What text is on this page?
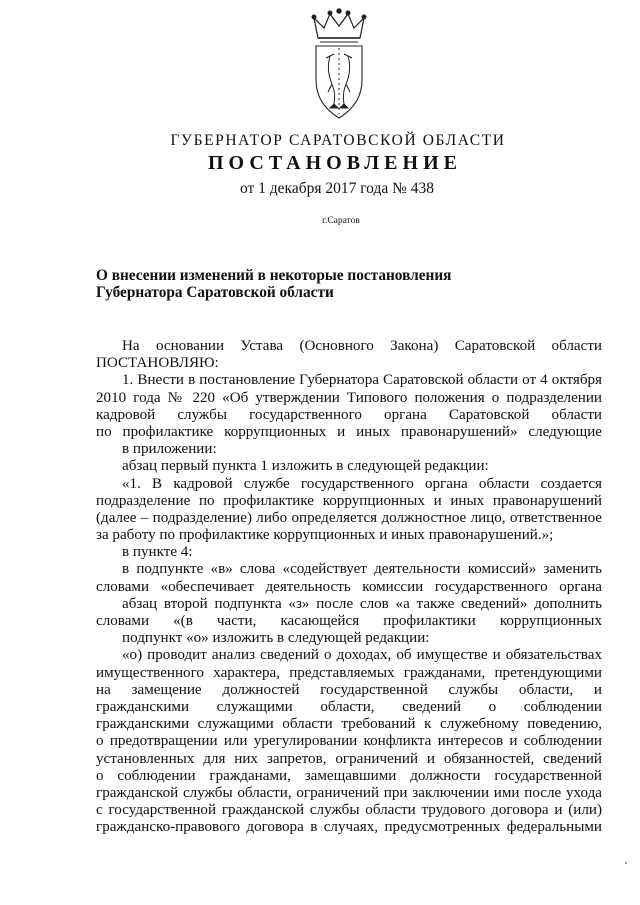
ГУБЕРНАТОР САРАТОВСКОЙ ОБЛАСТИ
ПОСТАНОВЛЕНИЕ
от 1 декабря 2017 года № 438
г.Саратов
О внесении изменений в некоторые постановления
Губернатора Саратовской области
На основании Устава (Основного Закона) Саратовской области
ПОСТАНОВЛЯЮ:
1. Внести в постановление Губернатора Саратовской области от 4 октября
2010 года № 220 «Об утверждении Типового положения о подразделении
кадровой службы государственного органа Саратовской области
по профилактике коррупционных и иных правонарушений» следующие
в приложении:
абзац первый пункта 1 изложить в следующей редакции:
«1. В кадровой службе государственного органа области создается
подразделение по профилактике коррупционных и иных правонарушений
(далее – подразделение) либо определяется должностное лицо, ответственное
за работу по профилактике коррупционных и иных правонарушений.»;
в пункте 4:
в подпункте «в» слова «содействует деятельности комиссий» заменить
словами «обеспечивает деятельность комиссии государственного органа
абзац второй подпункта «з» после слов «а также сведений» дополнить
словами «(в части, касающейся профилактики коррупционных
подпункт «о» изложить в следующей редакции:
«о) проводит анализ сведений о доходах, об имуществе и обязательствах
имущественного характера, представляемых гражданами, претендующими
на замещение должностей государственной службы области, и
гражданскими служащими области, сведений о соблюдении
гражданскими служащими области требований к служебному поведению,
о предотвращении или урегулировании конфликта интересов и соблюдении
установленных для них запретов, ограничений и обязанностей, сведений
о соблюдении гражданами, замещавшими должности государственной
гражданской службы области, ограничений при заключении ими после ухода
с государственной гражданской службы области трудового договора и (или)
гражданско-правового договора в случаях, предусмотренных федеральными
